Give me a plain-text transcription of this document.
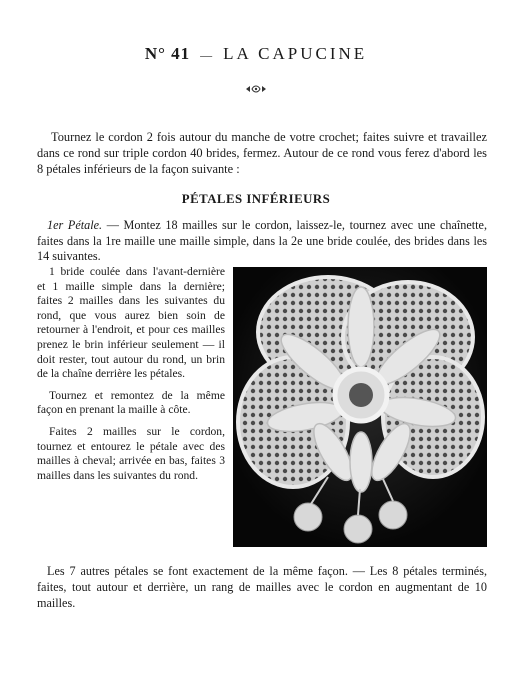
N° 41 — LA CAPUCINE

Tournez le cordon 2 fois autour du manche de votre crochet; faites suivre et travaillez dans ce rond sur triple cordon 40 brides, fermez. Autour de ce rond vous ferez d'abord les 8 pétales inférieurs de la façon suivante :

PÉTALES INFÉRIEURS

1er Pétale. — Montez 18 mailles sur le cordon, laissez-le, tournez avec une chaînette, faites dans la 1re maille une maille simple, dans la 2e une bride coulée, des brides dans les 14 suivantes.

1 bride coulée dans l'avant-dernière et 1 maille simple dans la dernière; faites 2 mailles dans les suivantes du rond, que vous aurez bien soin de retourner à l'endroit, et pour ces mailles prenez le brin inférieur seulement — il doit rester, tout autour du rond, un brin de la chaîne derrière les pétales.

Tournez et remontez de la même façon en prenant la maille à côte.

Faites 2 mailles sur le cordon, tournez et entourez le pétale avec des mailles à cheval; arrivée en bas, faites 3 mailles dans les suivantes du rond.

Les 7 autres pétales se font exactement de la même façon. — Les 8 pétales terminés, faites, tout autour et derrière, un rang de mailles avec le cordon en augmentant de 10 mailles.
